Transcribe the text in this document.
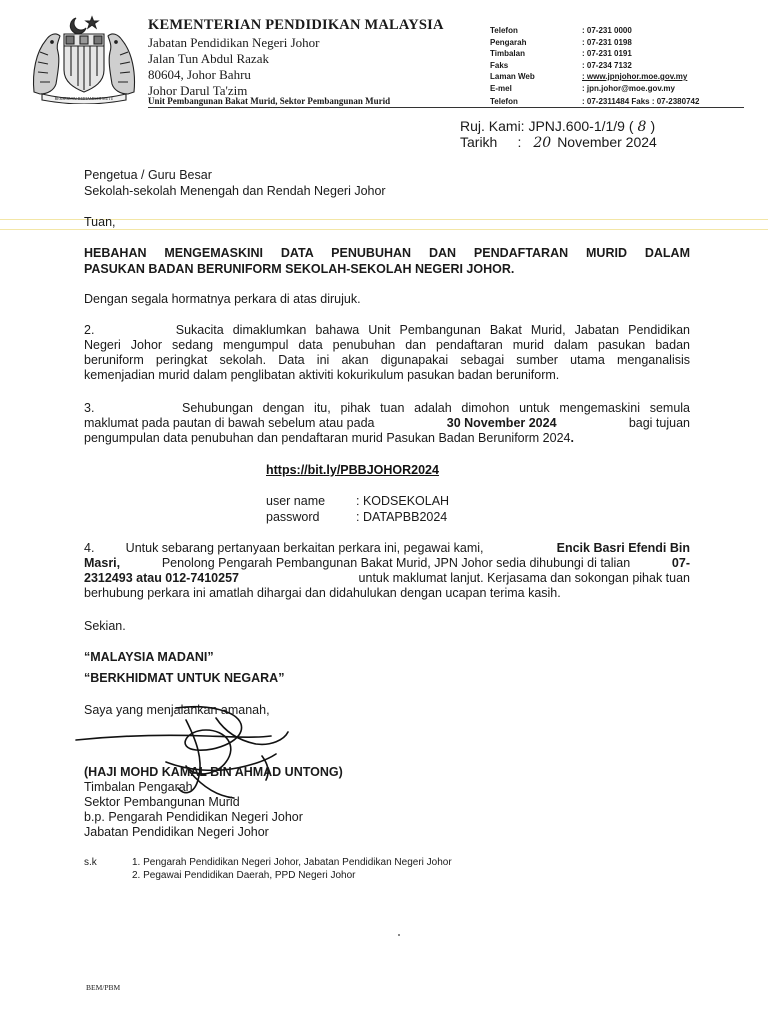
BERSEKUTU BERTAMBAH MUTU
KEMENTERIAN PENDIDIKAN MALAYSIA
Jabatan Pendidikan Negeri Johor
Jalan Tun Abdul Razak
80604, Johor Bahru
Johor Darul Ta'zim
Unit Pembangunan Bakat Murid, Sektor Pembangunan Murid
Telefon	: 07-231 0000
Pengarah	: 07-231 0198
Timbalan	: 07-231 0191
Faks	: 07-234 7132
Laman Web	: www.jpnjohor.moe.gov.my
E-mel	: jpn.johor@moe.gov.my
Telefon	: 07-2311484 Faks : 07-2380742
Ruj. Kami: JPNJ.600-1/1/9 ( 8 )
Tarikh : 20 November 2024
Pengetua / Guru Besar
Sekolah-sekolah Menengah dan Rendah Negeri Johor
Tuan,
HEBAHAN MENGEMASKINI DATA PENUBUHAN DAN PENDAFTARAN MURID DALAM
PASUKAN BADAN BERUNIFORM SEKOLAH-SEKOLAH NEGERI JOHOR.
Dengan segala hormatnya perkara di atas dirujuk.
2.         Sukacita dimaklumkan bahawa Unit Pembangunan Bakat Murid, Jabatan Pendidikan
Negeri Johor sedang mengumpul data penubuhan dan pendaftaran murid dalam pasukan badan
beruniform peringkat sekolah. Data ini akan digunapakai sebagai sumber utama menganalisis
kemenjadian murid dalam penglibatan aktiviti kokurikulum pasukan badan beruniform.
3.         Sehubungan dengan itu, pihak tuan adalah dimohon untuk mengemaskini semula
maklumat pada pautan di bawah sebelum atau pada	30 November 2024	bagi tujuan
pengumpulan data penubuhan dan pendaftaran murid Pasukan Badan Beruniform 2024.
https://bit.ly/PBBJOHOR2024
user name	: KODSEKOLAH
password	: DATAPBB2024
4.         Untuk sebarang pertanyaan berkaitan perkara ini, pegawai kami,	Encik Basri Efendi Bin
Masri,	Penolong Pengarah Pembangunan Bakat Murid, JPN Johor sedia dihubungi di talian	07-
2312493 atau 012-7410257	untuk maklumat lanjut. Kerjasama dan sokongan pihak tuan
berhubung perkara ini amatlah dihargai dan didahulukan dengan ucapan terima kasih.
Sekian.
“MALAYSIA MADANI”
“BERKHIDMAT UNTUK NEGARA”
Saya yang menjalankan amanah,
(HAJI MOHD KAMAL BIN AHMAD UNTONG)
Timbalan Pengarah
Sektor Pembangunan Murid
b.p. Pengarah Pendidikan Negeri Johor
Jabatan Pendidikan Negeri Johor
s.k	1. Pengarah Pendidikan Negeri Johor, Jabatan Pendidikan Negeri Johor
2. Pegawai Pendidikan Daerah, PPD Negeri Johor
BEM/PBM
